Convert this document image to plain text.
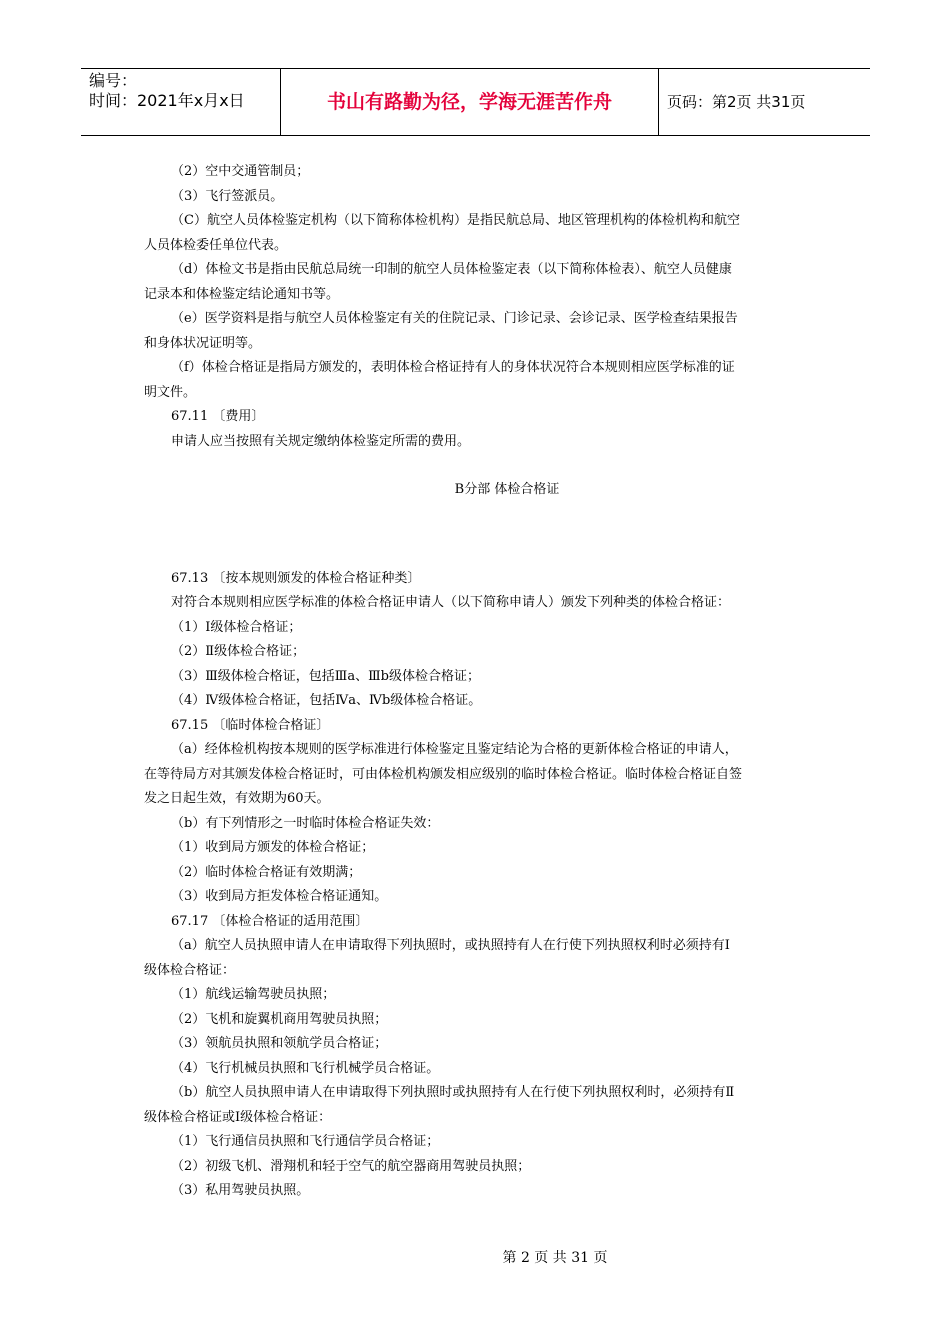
编号：
时间：2021年x月x日	书山有路勤为径，学海无涯苦作舟	页码：第2页 共31页
（2）空中交通管制员；
（3）飞行签派员。
（C）航空人员体检鉴定机构（以下简称体检机构）是指民航总局、地区管理机构的体检机构和航空
人员体检委任单位代表。
（d）体检文书是指由民航总局统一印制的航空人员体检鉴定表（以下简称体检表）、航空人员健康
记录本和体检鉴定结论通知书等。
（e）医学资料是指与航空人员体检鉴定有关的住院记录、门诊记录、会诊记录、医学检查结果报告
和身体状况证明等。
（f）体检合格证是指局方颁发的，表明体检合格证持有人的身体状况符合本规则相应医学标准的证
明文件。
67.11 〔费用〕
申请人应当按照有关规定缴纳体检鉴定所需的费用。
B分部 体检合格证
67.13 〔按本规则颁发的体检合格证种类〕
对符合本规则相应医学标准的体检合格证申请人（以下简称申请人）颁发下列种类的体检合格证：
（1）Ⅰ级体检合格证；
（2）Ⅱ级体检合格证；
（3）Ⅲ级体检合格证，包括Ⅲa、Ⅲb级体检合格证；
（4）Ⅳ级体检合格证，包括Ⅳa、Ⅳb级体检合格证。
67.15 〔临时体检合格证〕
（a）经体检机构按本规则的医学标准进行体检鉴定且鉴定结论为合格的更新体检合格证的申请人，
在等待局方对其颁发体检合格证时，可由体检机构颁发相应级别的临时体检合格证。临时体检合格证自签
发之日起生效，有效期为60天。
（b）有下列情形之一时临时体检合格证失效：
（1）收到局方颁发的体检合格证；
（2）临时体检合格证有效期满；
（3）收到局方拒发体检合格证通知。
67.17 〔体检合格证的适用范围〕
（a）航空人员执照申请人在申请取得下列执照时，或执照持有人在行使下列执照权利时必须持有Ⅰ
级体检合格证：
（1）航线运输驾驶员执照；
（2）飞机和旋翼机商用驾驶员执照；
（3）领航员执照和领航学员合格证；
（4）飞行机械员执照和飞行机械学员合格证。
（b）航空人员执照申请人在申请取得下列执照时或执照持有人在行使下列执照权利时，必须持有Ⅱ
级体检合格证或Ⅰ级体检合格证：
（1）飞行通信员执照和飞行通信学员合格证；
（2）初级飞机、滑翔机和轻于空气的航空器商用驾驶员执照；
（3）私用驾驶员执照。
第 2 页 共 31 页
